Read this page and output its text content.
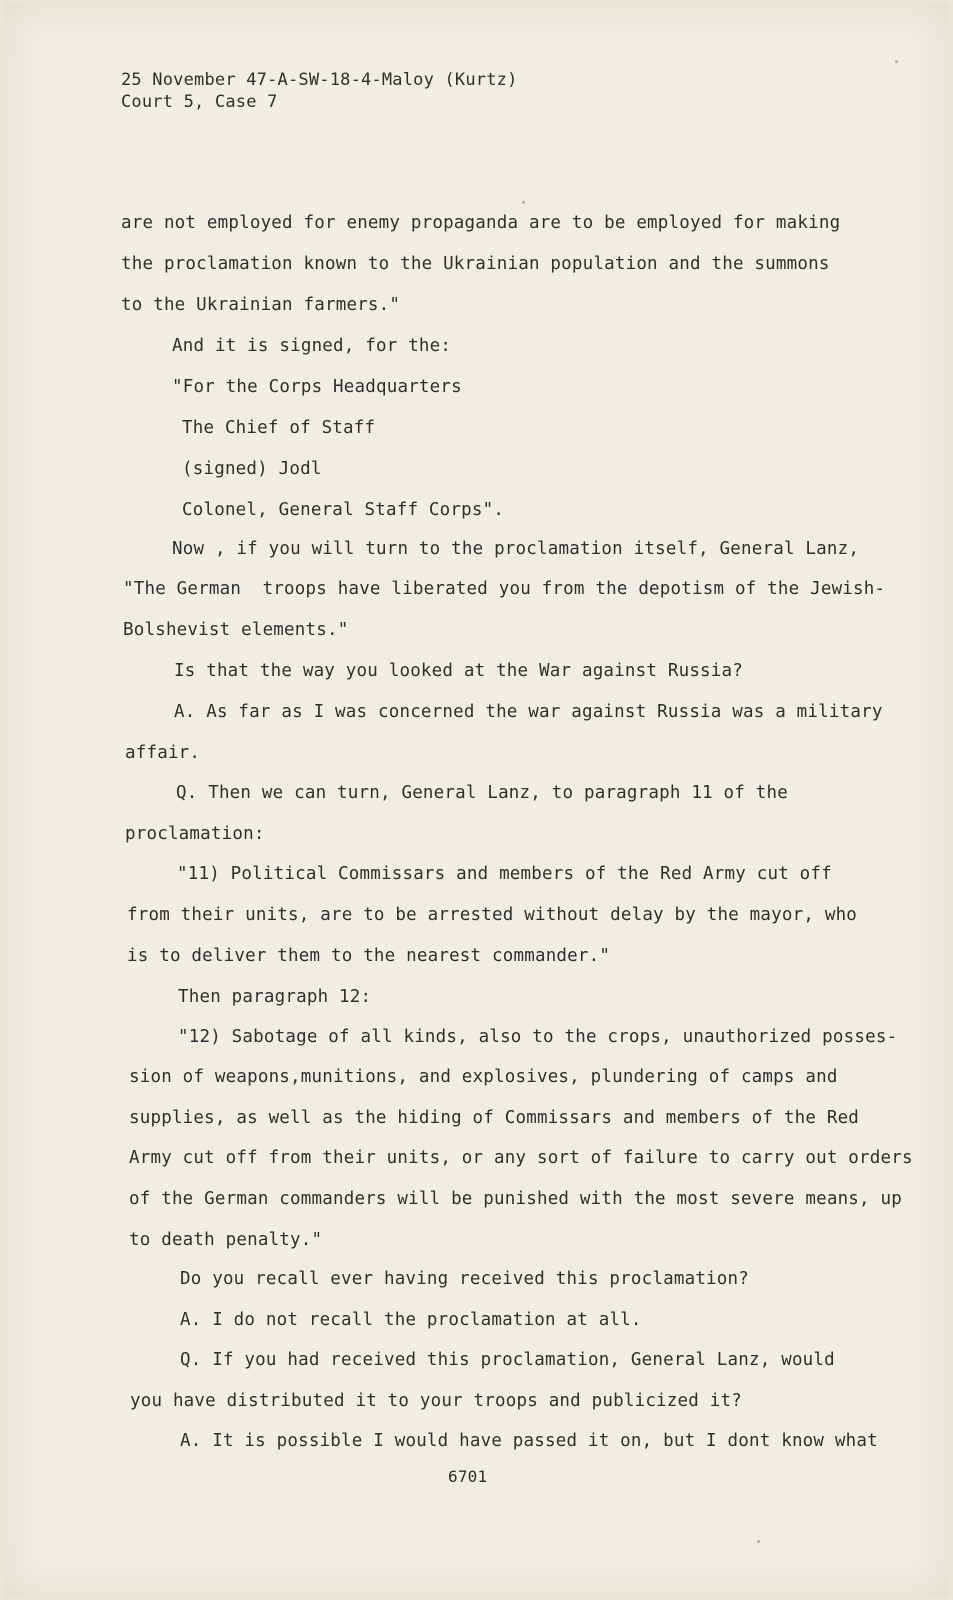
25 November 47-A-SW-18-4-Maloy (Kurtz)
Court 5, Case 7
are not employed for enemy propaganda are to be employed for making
the proclamation known to the Ukrainian population and the summons
to the Ukrainian farmers."
And it is signed, for the:
"For the Corps Headquarters
The Chief of Staff
(signed) Jodl
Colonel, General Staff Corps".
Now , if you will turn to the proclamation itself, General Lanz,
"The German  troops have liberated you from the depotism of the Jewish-
Bolshevist elements."
Is that the way you looked at the War against Russia?
A. As far as I was concerned the war against Russia was a military
affair.
Q. Then we can turn, General Lanz, to paragraph 11 of the
proclamation:
"11) Political Commissars and members of the Red Army cut off
from their units, are to be arrested without delay by the mayor, who
is to deliver them to the nearest commander."
Then paragraph 12:
"12) Sabotage of all kinds, also to the crops, unauthorized posses-
sion of weapons,munitions, and explosives, plundering of camps and
supplies, as well as the hiding of Commissars and members of the Red
Army cut off from their units, or any sort of failure to carry out orders
of the German commanders will be punished with the most severe means, up
to death penalty."
Do you recall ever having received this proclamation?
A. I do not recall the proclamation at all.
Q. If you had received this proclamation, General Lanz, would
you have distributed it to your troops and publicized it?
A. It is possible I would have passed it on, but I dont know what
6701
